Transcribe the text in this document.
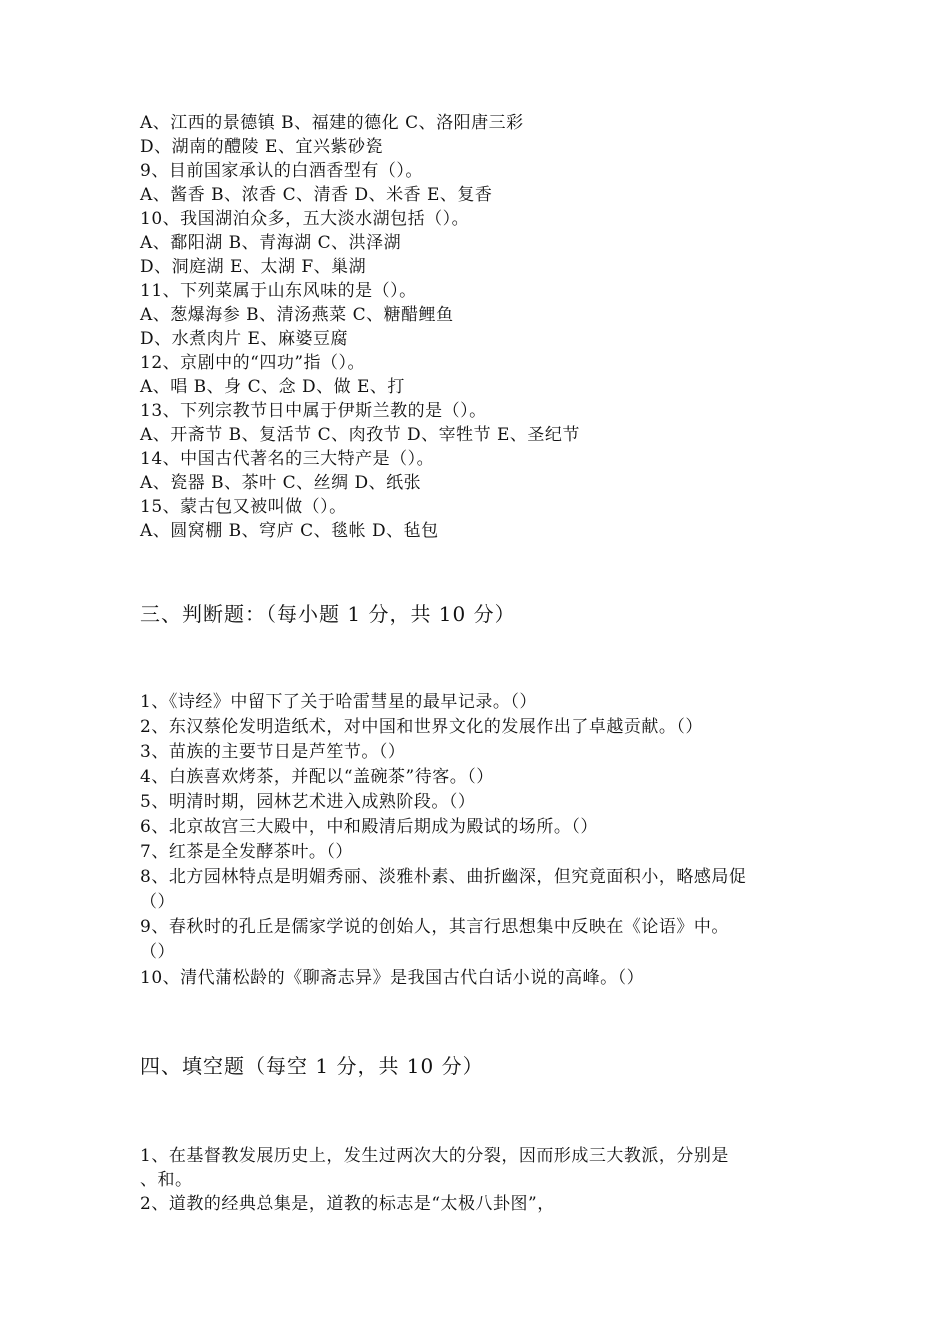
A、江西的景德镇 B、福建的德化 C、洛阳唐三彩
D、湖南的醴陵 E、宜兴紫砂瓷
9、目前国家承认的白酒香型有（）。
A、酱香 B、浓香 C、清香 D、米香 E、复香
10、我国湖泊众多，五大淡水湖包括（）。
A、鄱阳湖 B、青海湖 C、洪泽湖
D、洞庭湖 E、太湖 F、巢湖
11、下列菜属于山东风味的是（）。
A、葱爆海参 B、清汤燕菜 C、糖醋鲤鱼
D、水煮肉片 E、麻婆豆腐
12、京剧中的“四功”指（）。
A、唱 B、身 C、念 D、做 E、打
13、下列宗教节日中属于伊斯兰教的是（）。
A、开斋节 B、复活节 C、肉孜节 D、宰牲节 E、圣纪节
14、中国古代著名的三大特产是（）。
A、瓷器 B、茶叶 C、丝绸 D、纸张
15、蒙古包又被叫做（）。
A、圆窝棚 B、穹庐 C、毯帐 D、毡包
三、判断题：（每小题 1 分，共 10 分）
1、《诗经》中留下了关于哈雷彗星的最早记录。（）
2、东汉蔡伦发明造纸术，对中国和世界文化的发展作出了卓越贡献。（）
3、苗族的主要节日是芦笙节。（）
4、白族喜欢烤茶，并配以“盖碗茶”待客。（）
5、明清时期，园林艺术进入成熟阶段。（）
6、北京故宫三大殿中，中和殿清后期成为殿试的场所。（）
7、红茶是全发酵茶叶。（）
8、北方园林特点是明媚秀丽、淡雅朴素、曲折幽深，但究竟面积小，略感局促
（）
9、春秋时的孔丘是儒家学说的创始人，其言行思想集中反映在《论语》中。
（）
10、清代蒲松龄的《聊斋志异》是我国古代白话小说的高峰。（）
四、填空题（每空 1 分，共 10 分）
1、在基督教发展历史上，发生过两次大的分裂，因而形成三大教派，分别是
、和。
2、道教的经典总集是，道教的标志是“太极八卦图”，
